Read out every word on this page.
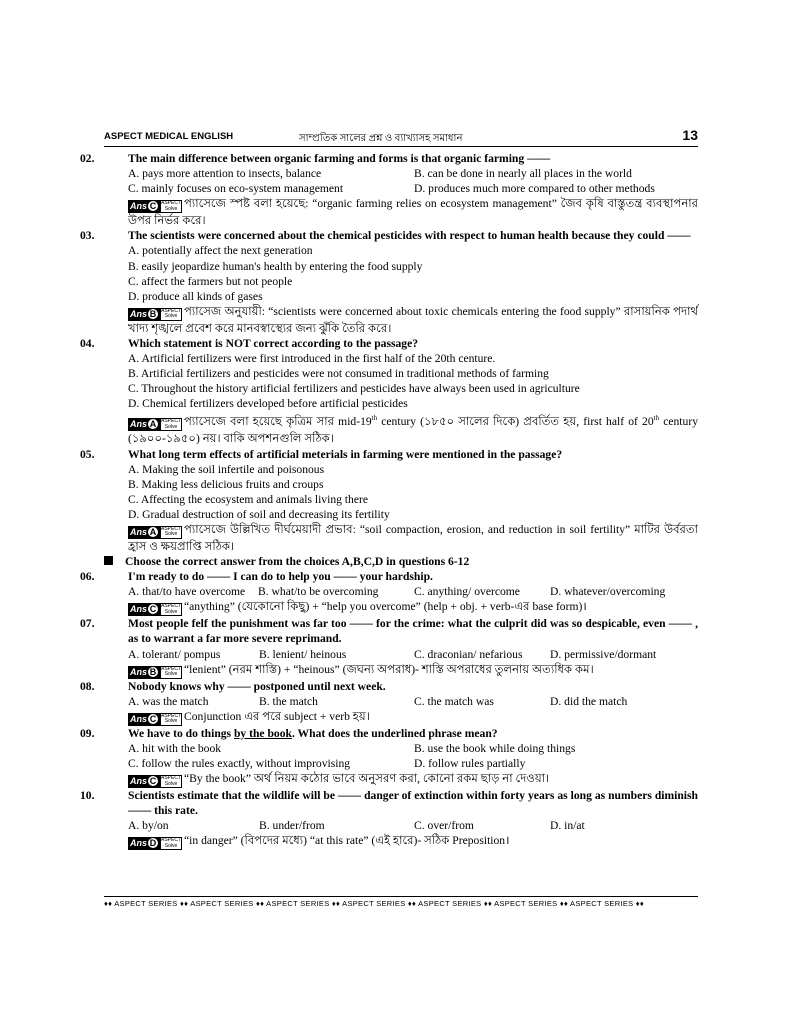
ASPECT MEDICAL ENGLISH	সাম্প্রতিক সালের প্রশ্ন ও ব্যাখ্যাসহ সমাধান	13
02.	The main difference between organic farming and forms is that organic farming ——
A. pays more attention to insects, balance	B. can be done in nearly all places in the world
C. mainly focuses on eco-system management	D. produces much more compared to other methods
Ans C ASPECT
Solve প্যাসেজে স্পষ্ট বলা হয়েছে: “organic farming relies on ecosystem management” জৈব কৃষি বাস্তুতন্ত্র ব্যবস্থাপনার উপর নির্ভর করে।
03.	The scientists were concerned about the chemical pesticides with respect to human health because they could ——
A. potentially affect the next generation
B. easily jeopardize human's health by entering the food supply
C. affect the farmers but not people
D. produce all kinds of gases
Ans B ASPECT
Solve প্যাসেজ অনুযায়ী: “scientists were concerned about toxic chemicals entering the food supply” রাসায়নিক পদার্থ খাদ্য শৃঙ্খলে প্রবেশ করে মানবস্বাস্থ্যের জন্য ঝুঁকি তৈরি করে।
04.	Which statement is NOT correct according to the passage?
A. Artificial fertilizers were first introduced in the first half of the 20th centure.
B. Artificial fertilizers and pesticides were not consumed in traditional methods of farming
C. Throughout the history artificial fertilizers and pesticides have always been used in agriculture
D. Chemical fertilizers developed before artificial pesticides
Ans A ASPECT
Solve প্যাসেজে বলা হয়েছে কৃত্রিম সার mid-19th century (১৮৫০ সালের দিকে) প্রবর্তিত হয়, first half of 20th century (১৯০০-১৯৫০) নয়। বাকি অপশনগুলি সঠিক।
05.	What long term effects of artificial meterials in farming were mentioned in the passage?
A. Making the soil infertile and poisonous
B. Making less delicious fruits and croups
C. Affecting the ecosystem and animals living there
D. Gradual destruction of soil and decreasing its fertility
Ans A ASPECT
Solve প্যাসেজে উল্লিখিত দীর্ঘমেয়াদী প্রভাব: “soil compaction, erosion, and reduction in soil fertility” মাটির উর্বরতা হ্রাস ও ক্ষয়প্রাপ্তি সঠিক।
Choose the correct answer from the choices A,B,C,D in questions 6-12
06.	I'm ready to do —— I can do to help you —— your hardship.
A. that/to have overcome	B. what/to be overcoming	C. anything/ overcome	D. whatever/overcoming
Ans C ASPECT
Solve “anything” (যেকোনো কিছু) + “help you overcome” (help + obj. + verb-এর base form)।
07.	Most people felf the punishment was far too —— for the crime: what the culprit did was so despicable, even —— , as to warrant a far more severe reprimand.
A. tolerant/ pompus	B. lenient/ heinous	C. draconian/ nefarious	D. permissive/dormant
Ans B ASPECT
Solve “lenient” (নরম শাস্তি) + “heinous” (জঘন্য অপরাধ)- শাস্তি অপরাধের তুলনায় অত্যধিক কম।
08.	Nobody knows why —— postponed until next week.
A. was the match	B. the match	C. the match was	D. did the match
Ans C ASPECT
Solve Conjunction এর পরে subject + verb হয়।
09.	We have to do things by the book. What does the underlined phrase mean?
A. hit with the book	B. use the book while doing things
C. follow the rules exactly, without improvising	D. follow rules partially
Ans C ASPECT
Solve “By the book” অর্থ নিয়ম কঠোর ভাবে অনুসরণ করা, কোনো রকম ছাড় না দেওয়া।
10.	Scientists estimate that the wildlife will be —— danger of extinction within forty years as long as numbers diminish —— this rate.
A. by/on	B. under/from	C. over/from	D. in/at
Ans D ASPECT
Solve “in danger” (বিপদের মধ্যে) “at this rate” (এই হারে)- সঠিক Preposition।
♦♦ ASPECT SERIES ♦♦ ASPECT SERIES ♦♦ ASPECT SERIES ♦♦ ASPECT SERIES ♦♦ ASPECT SERIES ♦♦ ASPECT SERIES ♦♦ ASPECT SERIES ♦♦
